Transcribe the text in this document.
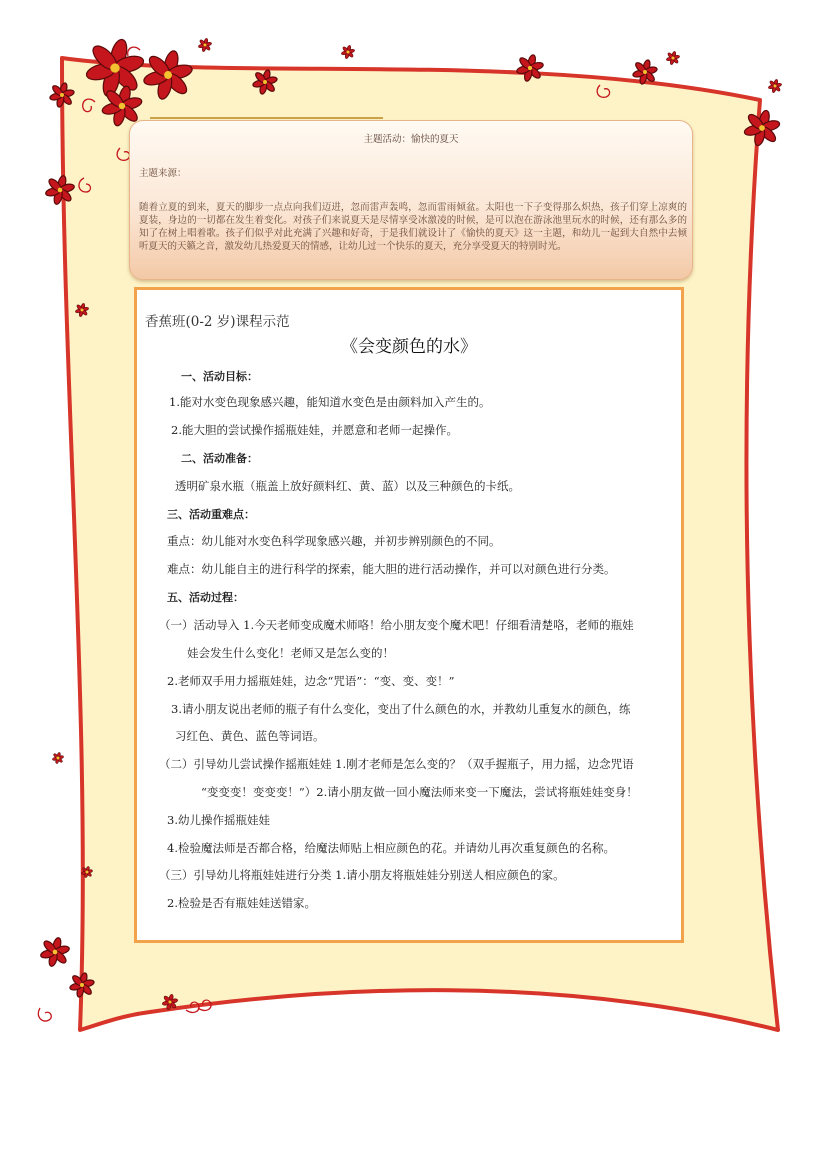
主题活动：愉快的夏天
主题来源：
随着立夏的到来，夏天的脚步一点点向我们迈进，忽而雷声轰鸣，忽而雷雨倾盆。太阳也一下子变得那么炽热，孩子们穿上凉爽的夏装，身边的一切都在发生着变化。对孩子们来说夏天是尽情享受冰激凌的时候，是可以泡在游泳池里玩水的时候，还有那么多的知了在树上唱着歌。孩子们似乎对此充满了兴趣和好奇，于是我们就设计了《愉快的夏天》这一主题，和幼儿一起到大自然中去倾听夏天的天籁之音，激发幼儿热爱夏天的情感，让幼儿过一个快乐的夏天，充分享受夏天的特别时光。
香蕉班(0-2 岁)课程示范
《会变颜色的水》
一、活动目标：
1.能对水变色现象感兴趣，能知道水变色是由颜料加入产生的。
2.能大胆的尝试操作摇瓶娃娃，并愿意和老师一起操作。
二、活动准备：
透明矿泉水瓶（瓶盖上放好颜料红、黄、蓝）以及三种颜色的卡纸。
三、活动重难点：
重点：幼儿能对水变色科学现象感兴趣，并初步辨别颜色的不同。
难点：幼儿能自主的进行科学的探索，能大胆的进行活动操作，并可以对颜色进行分类。
五、活动过程：
（一）活动导入 1.今天老师变成魔术师咯！给小朋友变个魔术吧！仔细看清楚咯，老师的瓶娃
娃会发生什么变化！老师又是怎么变的！
2.老师双手用力摇瓶娃娃，边念“咒语”：“变、变、变！”
3.请小朋友说出老师的瓶子有什么变化，变出了什么颜色的水，并教幼儿重复水的颜色，练
习红色、黄色、蓝色等词语。
（二）引导幼儿尝试操作摇瓶娃娃 1.刚才老师是怎么变的？（双手握瓶子，用力摇，边念咒语
“变变变！变变变！”）2.请小朋友做一回小魔法师来变一下魔法，尝试将瓶娃娃变身！
3.幼儿操作摇瓶娃娃
4.检验魔法师是否都合格，给魔法师贴上相应颜色的花。并请幼儿再次重复颜色的名称。
（三）引导幼儿将瓶娃娃进行分类 1.请小朋友将瓶娃娃分别送人相应颜色的家。
2.检验是否有瓶娃娃送错家。
